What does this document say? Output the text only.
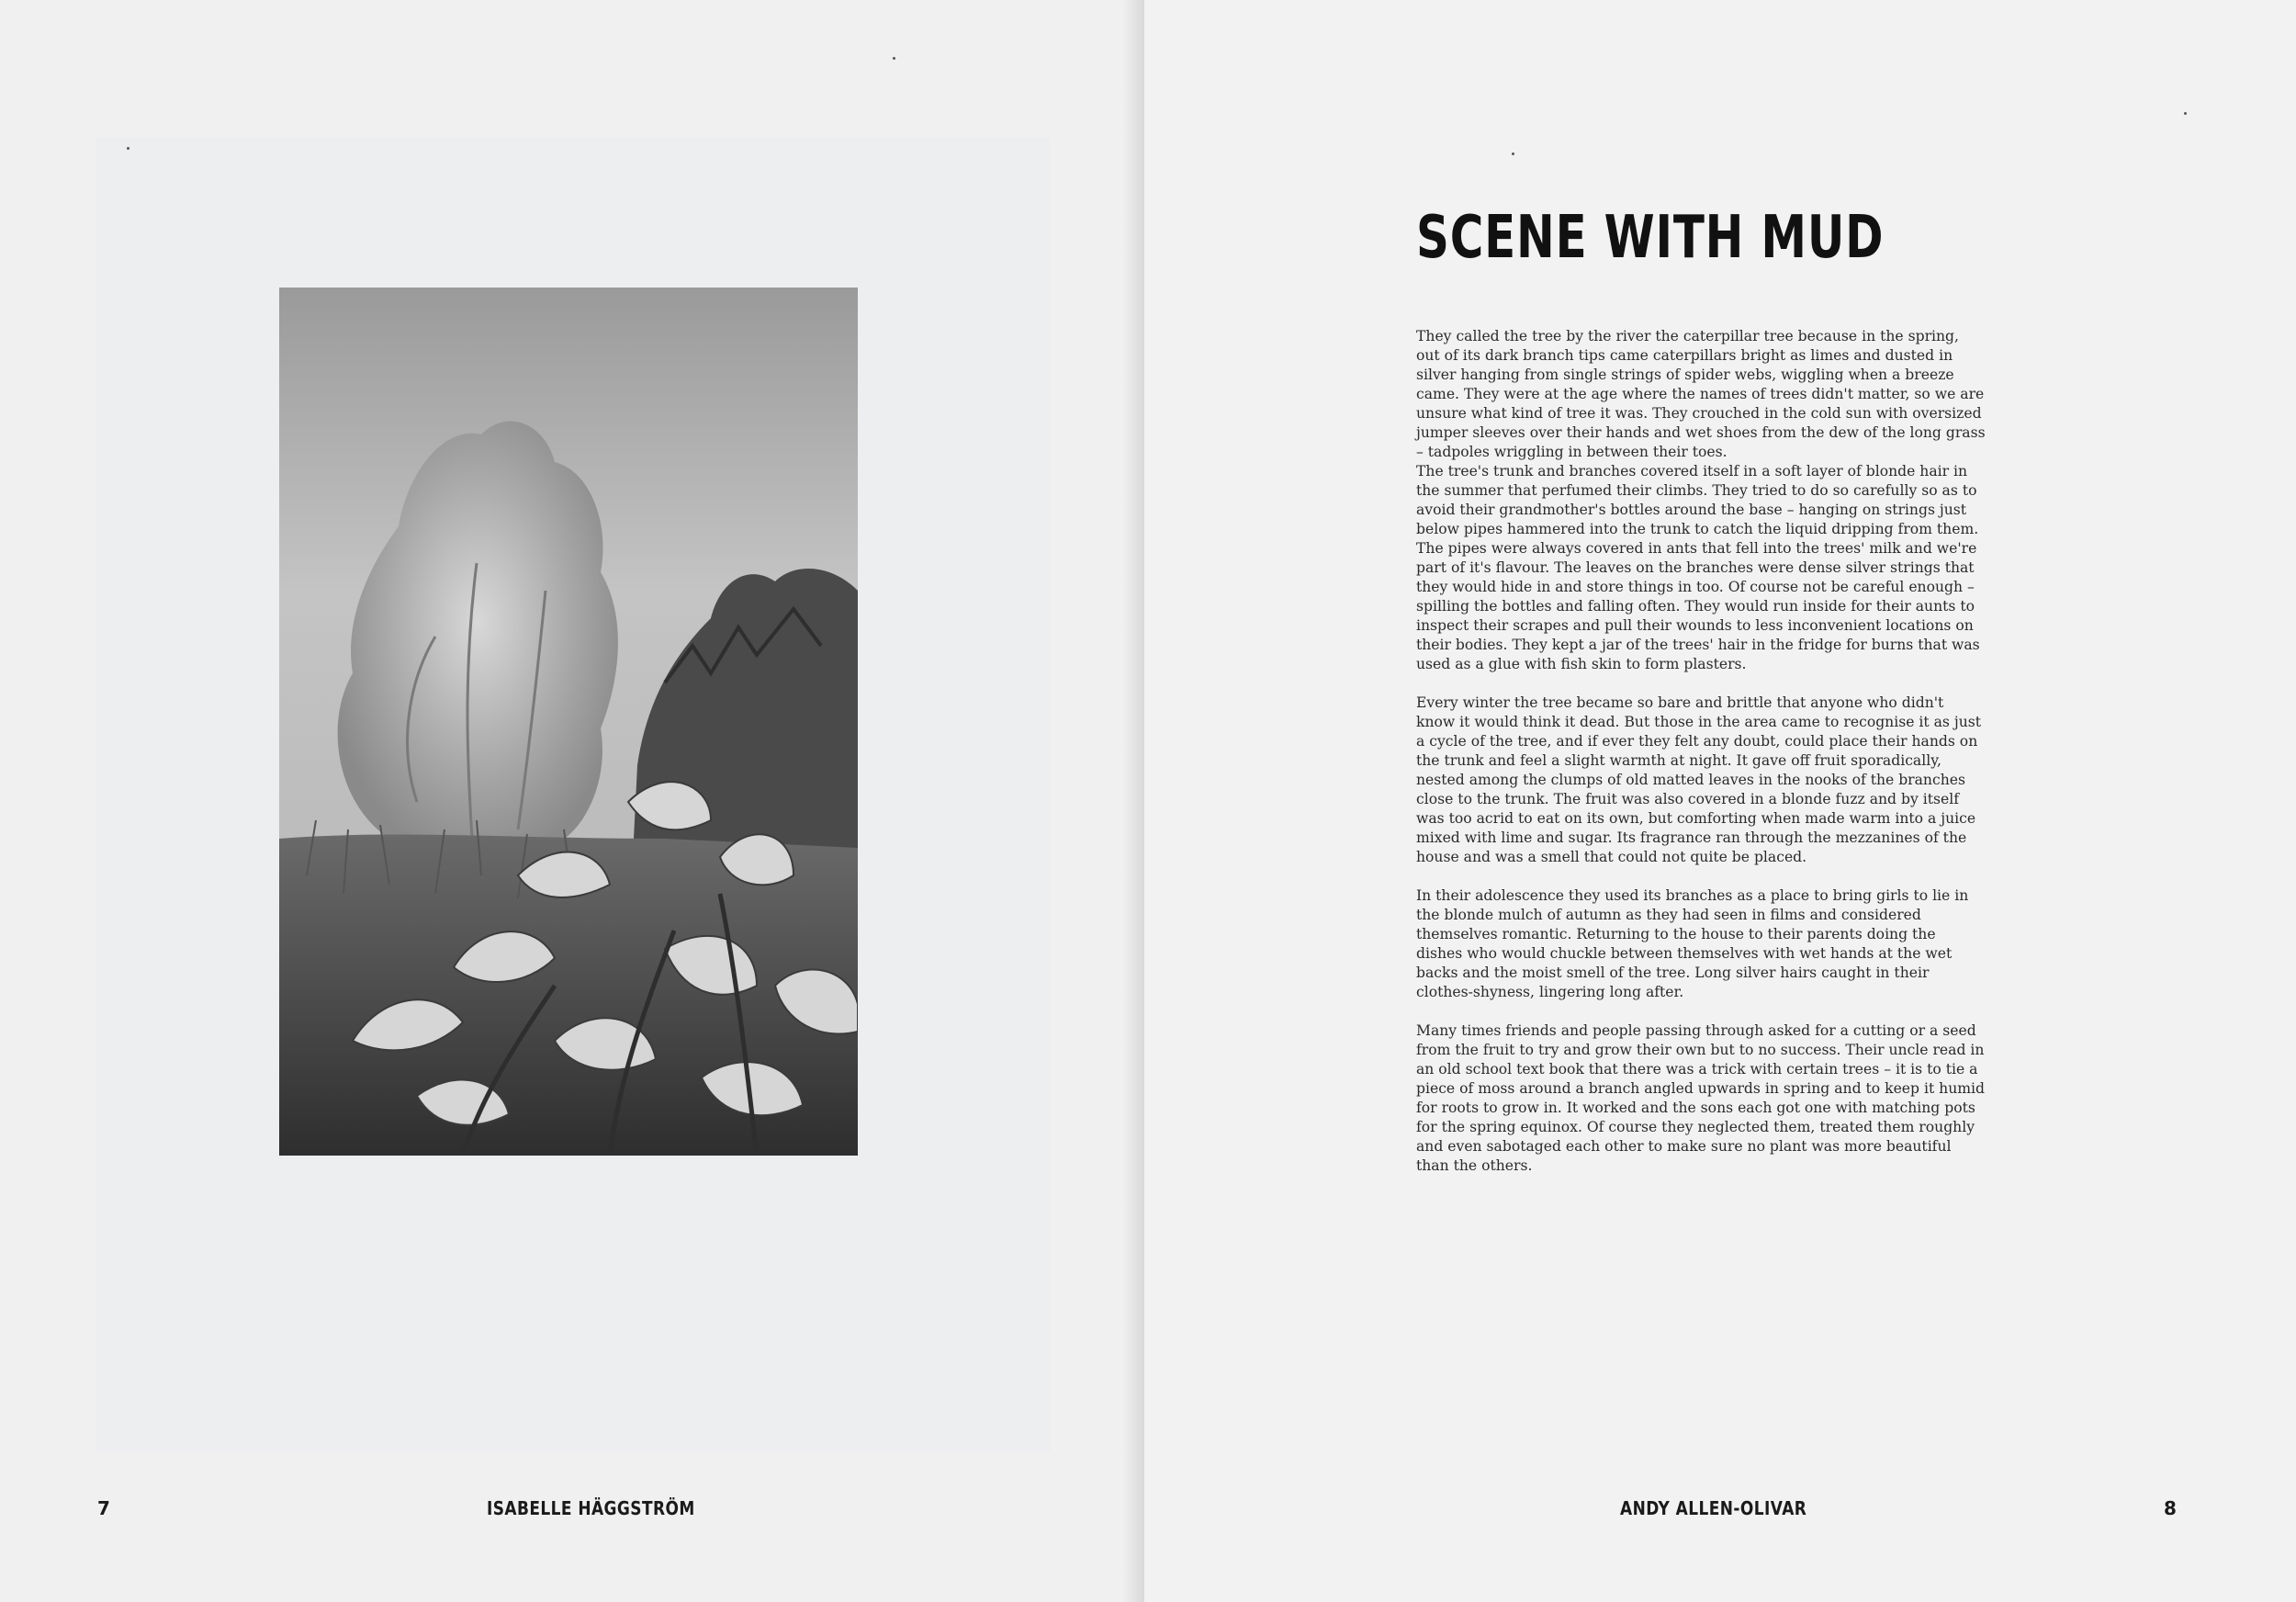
7	ISABELLE HÄGGSTRÖM
SCENE WITH MUD

They called the tree by the river the caterpillar tree because in the spring, out of its dark branch tips came caterpillars bright as limes and dusted in silver hanging from single strings of spider webs, wiggling when a breeze came. They were at the age where the names of trees didn't matter, so we are unsure what kind of tree it was. They crouched in the cold sun with oversized jumper sleeves over their hands and wet shoes from the dew of the long grass – tadpoles wriggling in between their toes.

The tree's trunk and branches covered itself in a soft layer of blonde hair in the summer that perfumed their climbs. They tried to do so carefully so as to avoid their grandmother's bottles around the base – hanging on strings just below pipes hammered into the trunk to catch the liquid dripping from them. The pipes were always covered in ants that fell into the trees' milk and we're part of it's flavour. The leaves on the branches were dense silver strings that they would hide in and store things in too. Of course not be careful enough – spilling the bottles and falling often. They would run inside for their aunts to inspect their scrapes and pull their wounds to less inconvenient locations on their bodies. They kept a jar of the trees' hair in the fridge for burns that was used as a glue with fish skin to form plasters.

Every winter the tree became so bare and brittle that anyone who didn't know it would think it dead. But those in the area came to recognise it as just a cycle of the tree, and if ever they felt any doubt, could place their hands on the trunk and feel a slight warmth at night. It gave off fruit sporadically, nested among the clumps of old matted leaves in the nooks of the branches close to the trunk. The fruit was also covered in a blonde fuzz and by itself was too acrid to eat on its own, but comforting when made warm into a juice mixed with lime and sugar. Its fragrance ran through the mezzanines of the house and was a smell that could not quite be placed.

In their adolescence they used its branches as a place to bring girls to lie in the blonde mulch of autumn as they had seen in films and considered themselves romantic. Returning to the house to their parents doing the dishes who would chuckle between themselves with wet hands at the wet backs and the moist smell of the tree. Long silver hairs caught in their clothes-shyness, lingering long after.

Many times friends and people passing through asked for a cutting or a seed from the fruit to try and grow their own but to no success. Their uncle read in an old school text book that there was a trick with certain trees – it is to tie a piece of moss around a branch angled upwards in spring and to keep it humid for roots to grow in. It worked and the sons each got one with matching pots for the spring equinox. Of course they neglected them, treated them roughly and even sabotaged each other to make sure no plant was more beautiful than the others.

ANDY ALLEN-OLIVAR	8
